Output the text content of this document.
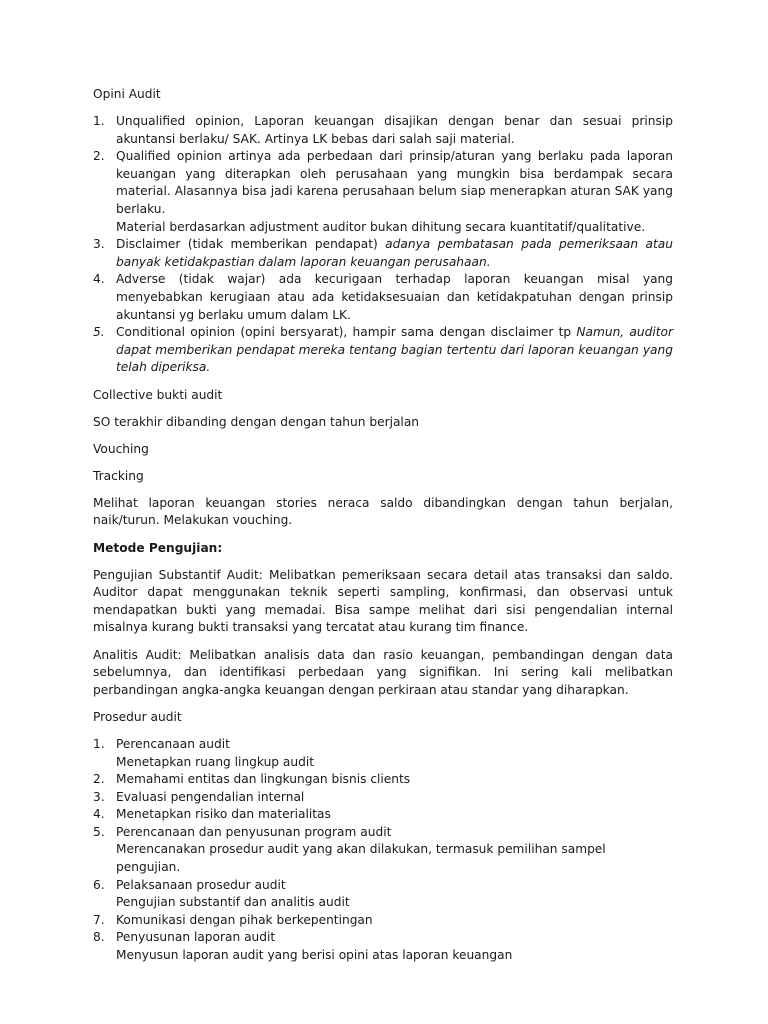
Opini Audit

1. Unqualified opinion, Laporan keuangan disajikan dengan benar dan sesuai prinsip akuntansi berlaku/ SAK. Artinya LK bebas dari salah saji material.
2. Qualified opinion artinya ada perbedaan dari prinsip/aturan yang berlaku pada laporan keuangan yang diterapkan oleh perusahaan yang mungkin bisa berdampak secara material. Alasannya bisa jadi karena perusahaan belum siap menerapkan aturan SAK yang berlaku.
Material berdasarkan adjustment auditor bukan dihitung secara kuantitatif/qualitative.
3. Disclaimer (tidak memberikan pendapat) adanya pembatasan pada pemeriksaan atau banyak ketidakpastian dalam laporan keuangan perusahaan.
4. Adverse (tidak wajar) ada kecurigaan terhadap laporan keuangan misal yang menyebabkan kerugiaan atau ada ketidaksesuaian dan ketidakpatuhan dengan prinsip akuntansi yg berlaku umum dalam LK.
5. Conditional opinion (opini bersyarat), hampir sama dengan disclaimer tp Namun, auditor dapat memberikan pendapat mereka tentang bagian tertentu dari laporan keuangan yang telah diperiksa.

Collective bukti audit

SO terakhir dibanding dengan dengan tahun berjalan

Vouching

Tracking

Melihat laporan keuangan stories neraca saldo dibandingkan dengan tahun berjalan, naik/turun. Melakukan vouching.

Metode Pengujian:

Pengujian Substantif Audit: Melibatkan pemeriksaan secara detail atas transaksi dan saldo. Auditor dapat menggunakan teknik seperti sampling, konfirmasi, dan observasi untuk mendapatkan bukti yang memadai. Bisa sampe melihat dari sisi pengendalian internal misalnya kurang bukti transaksi yang tercatat atau kurang tim finance.

Analitis Audit: Melibatkan analisis data dan rasio keuangan, pembandingan dengan data sebelumnya, dan identifikasi perbedaan yang signifikan. Ini sering kali melibatkan perbandingan angka-angka keuangan dengan perkiraan atau standar yang diharapkan.

Prosedur audit

1. Perencanaan audit
Menetapkan ruang lingkup audit
2. Memahami entitas dan lingkungan bisnis clients
3. Evaluasi pengendalian internal
4. Menetapkan risiko dan materialitas
5. Perencanaan dan penyusunan program audit
Merencanakan prosedur audit yang akan dilakukan, termasuk pemilihan sampel pengujian.
6. Pelaksanaan prosedur audit
Pengujian substantif dan analitis audit
7. Komunikasi dengan pihak berkepentingan
8. Penyusunan laporan audit
Menyusun laporan audit yang berisi opini atas laporan keuangan
